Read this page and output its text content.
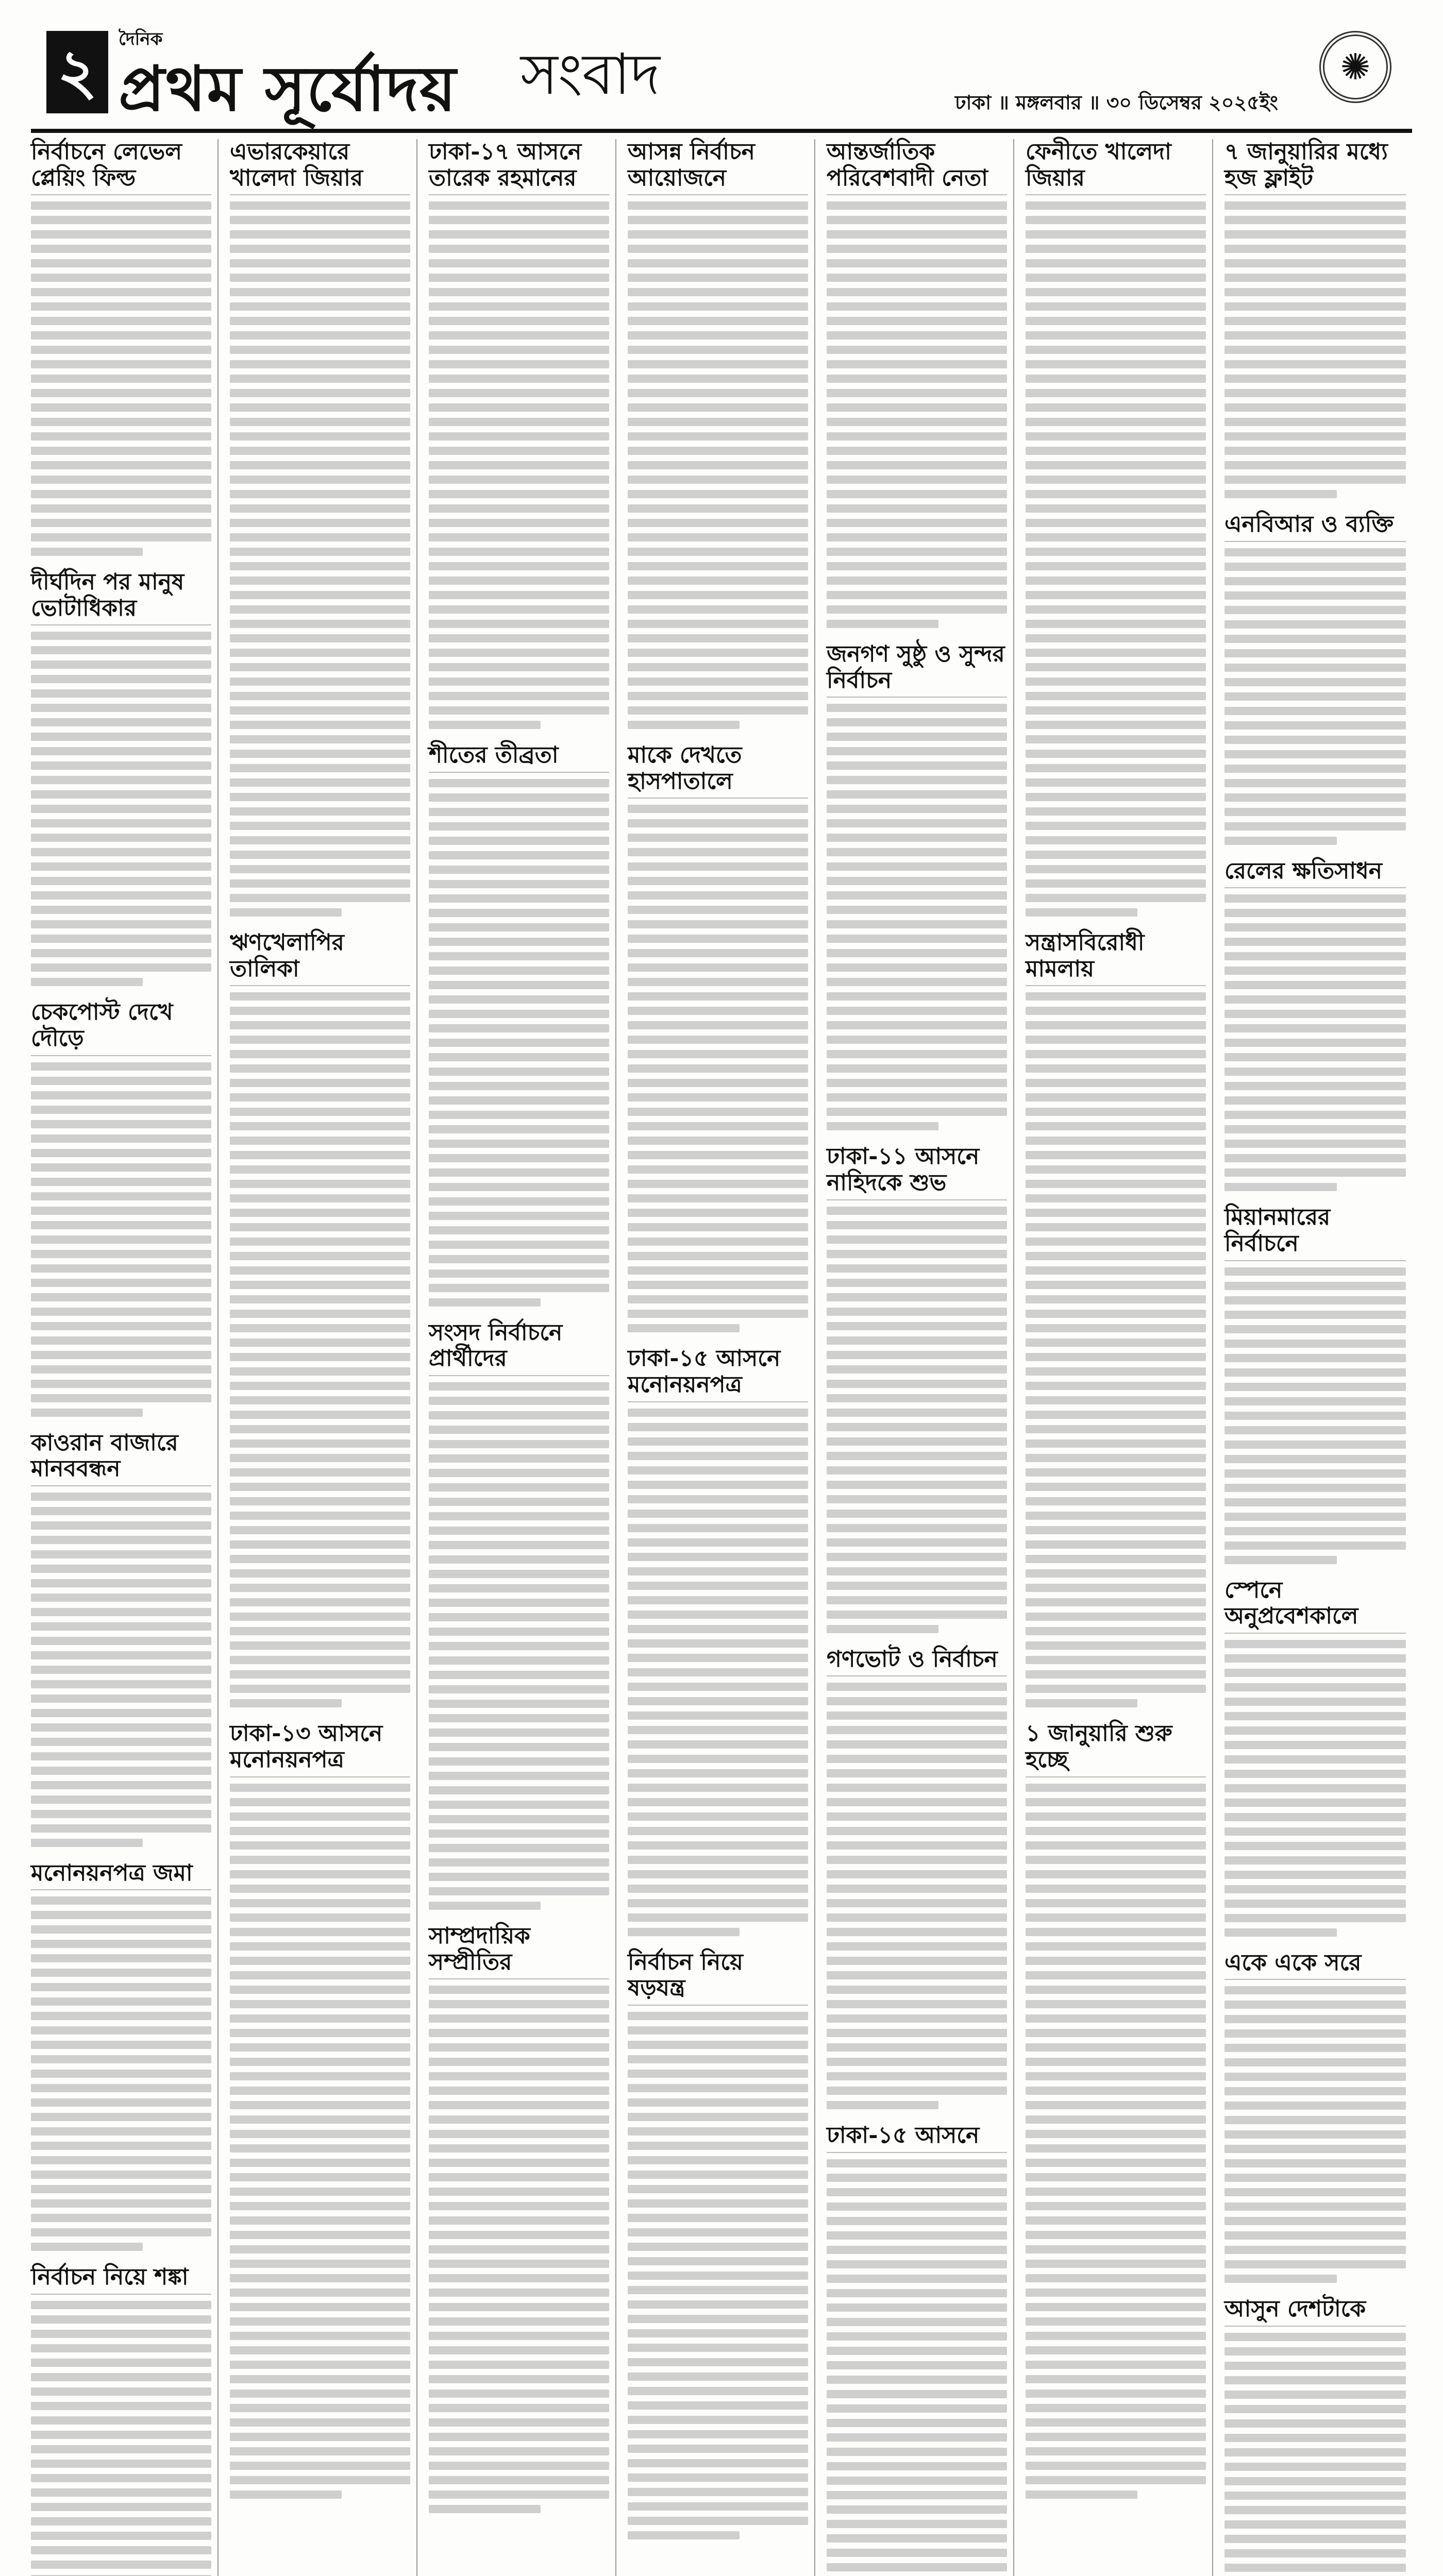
২	দৈনিক
প্রথম সূর্যোদয় সংবাদ	ঢাকা ॥ মঙ্গলবার ॥ ৩০ ডিসেম্বর ২০২৫ইং
✺
নির্বাচনে লেভেল প্লেয়িং ফিল্ড
দীর্ঘদিন পর মানুষ ভোটাধিকার
চেকপোস্ট দেখে দৌড়ে
কাওরান বাজারে মানববন্ধন
মনোনয়নপত্র জমা
নির্বাচন নিয়ে শঙ্কা
এভারকেয়ারে খালেদা জিয়ার
ঋণখেলাপির তালিকা
ঢাকা-১৩ আসনে মনোনয়নপত্র
ঢাকা-১৭ আসনে তারেক রহমানের
শীতের তীব্রতা
সংসদ নির্বাচনে প্রার্থীদের
সাম্প্রদায়িক সম্প্রীতির
আসন্ন নির্বাচন আয়োজনে
মাকে দেখতে হাসপাতালে
ঢাকা-১৫ আসনে মনোনয়নপত্র
নির্বাচন নিয়ে ষড়যন্ত্র
আন্তর্জাতিক পরিবেশবাদী নেতা
জনগণ সুষ্ঠু ও সুন্দর নির্বাচন
ঢাকা-১১ আসনে নাহিদকে শুভ
গণভোট ও নির্বাচন
ঢাকা-১৫ আসনে
ফেনীতে খালেদা জিয়ার
সন্ত্রাসবিরোধী মামলায়
১ জানুয়ারি শুরু হচ্ছে
৭ জানুয়ারির মধ্যে হজ ফ্লাইট
এনবিআর ও ব্যক্তি
রেলের ক্ষতিসাধন
মিয়ানমারের নির্বাচনে
স্পেনে অনুপ্রবেশকালে
একে একে সরে
আসুন দেশটাকে
